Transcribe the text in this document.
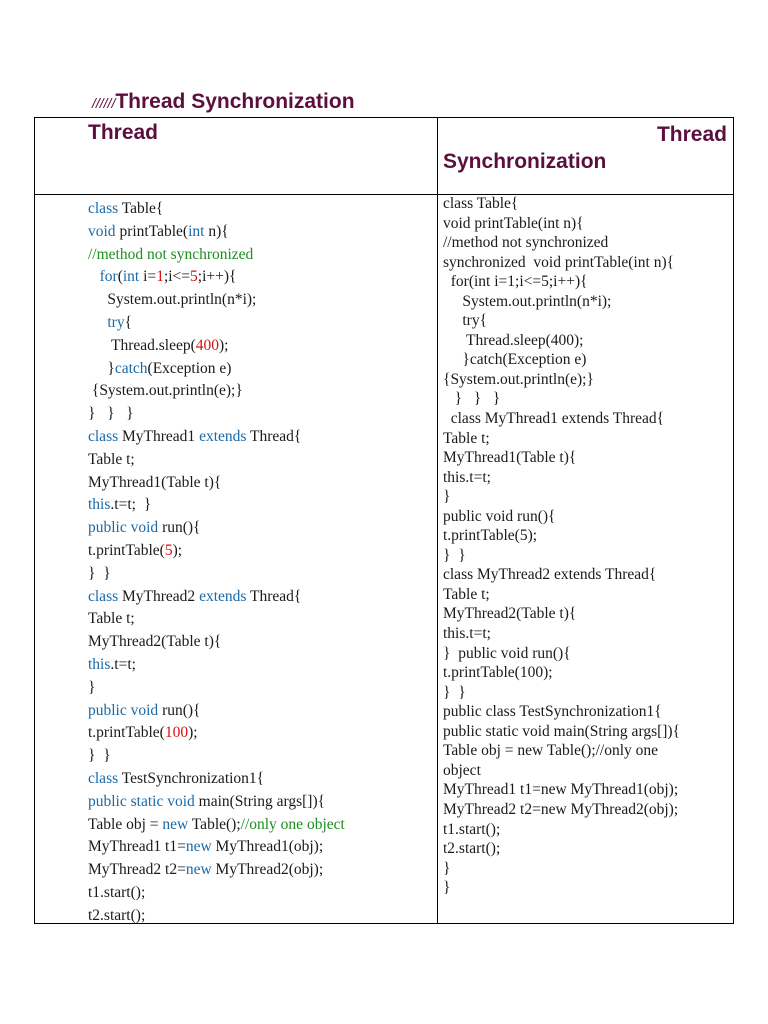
//////Thread Synchronization
Thread	Thread
Synchronization
class Table{
void printTable(int n){
//method not synchronized
for(int i=1;i<=5;i++){
System.out.println(n*i);
try{
Thread.sleep(400);
}catch(Exception e)
{System.out.println(e);}
}   }   }
class MyThread1 extends Thread{
Table t;
MyThread1(Table t){
this.t=t;  }
public void run(){
t.printTable(5);
}  }
class MyThread2 extends Thread{
Table t;
MyThread2(Table t){
this.t=t;
}
public void run(){
t.printTable(100);
}  }
class TestSynchronization1{
public static void main(String args[]){
Table obj = new Table();//only one object
MyThread1 t1=new MyThread1(obj);
MyThread2 t2=new MyThread2(obj);
t1.start();
t2.start();
class Table{
void printTable(int n){
//method not synchronized
synchronized  void printTable(int n){
for(int i=1;i<=5;i++){
System.out.println(n*i);
try{
Thread.sleep(400);
}catch(Exception e)
{System.out.println(e);}
}   }   }
class MyThread1 extends Thread{
Table t;
MyThread1(Table t){
this.t=t;
}
public void run(){
t.printTable(5);
}  }
class MyThread2 extends Thread{
Table t;
MyThread2(Table t){
this.t=t;
}  public void run(){
t.printTable(100);
}  }
public class TestSynchronization1{
public static void main(String args[]){
Table obj = new Table();//only one
object
MyThread1 t1=new MyThread1(obj);
MyThread2 t2=new MyThread2(obj);
t1.start();
t2.start();
}
}
